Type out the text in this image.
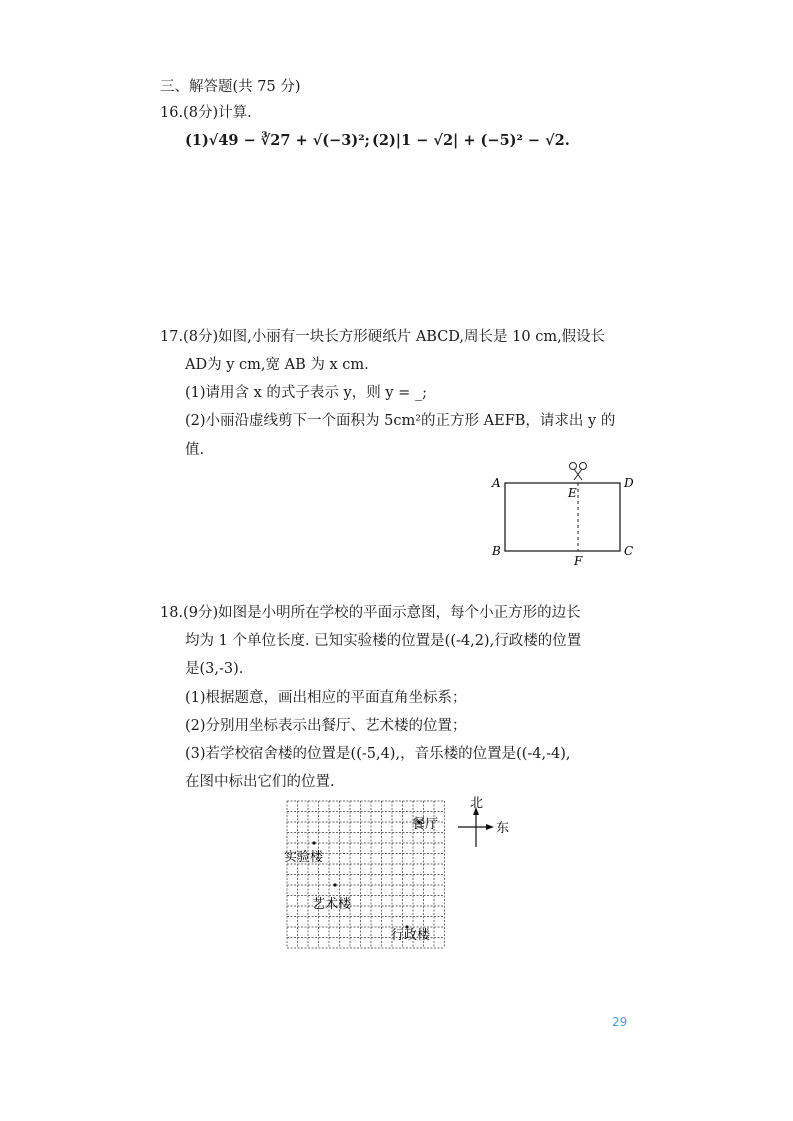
三、解答题(共 75 分)
16.(8分)计算.
(1)√49 − ∛27 + √(−3)²; (2)|1 − √2| + (−5)² − √2.
17.(8分)如图,小丽有一块长方形硬纸片 ABCD,周长是 10 cm,假设长
AD为 y cm,宽 AB 为 x cm.
(1)请用含 x 的式子表示 y，则 y = _;
(2)小丽沿虚线剪下一个面积为 5cm²的正方形 AEFB，请求出 y 的
值.
A	D
E
B	C
F
18.(9分)如图是小明所在学校的平面示意图，每个小正方形的边长
均为 1 个单位长度. 已知实验楼的位置是((-4,2),行政楼的位置
是(3,-3).
(1)根据题意，画出相应的平面直角坐标系；
(2)分别用坐标表示出餐厅、艺术楼的位置；
(3)若学校宿舍楼的位置是((-5,4),，音乐楼的位置是((-4,-4),
在图中标出它们的位置.
餐厅
实验楼
艺术楼
行政楼
北
东
29
